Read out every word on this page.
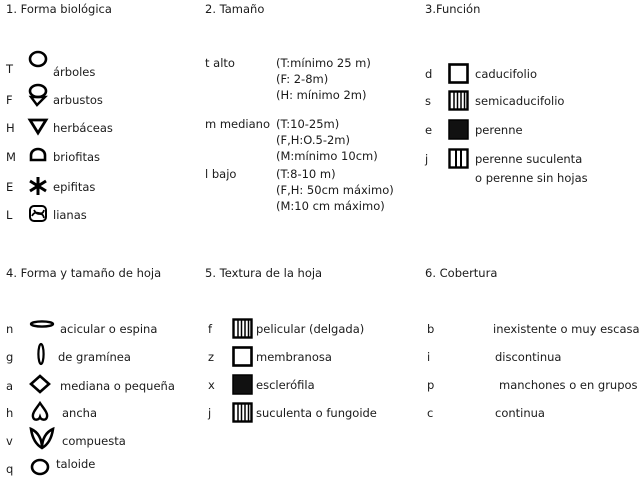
1. Forma biológica
T	árboles
F	arbustos
H	herbáceas
M	briofitas
E	epifitas
L	lianas
2. Tamaño
t alto	(T:mínimo 25 m)
(F: 2-8m)
(H: mínimo 2m)
m mediano (T:10-25m)
(F,H:O.5-2m)
(M:mínimo 10cm)
l bajo	(T:8-10 m)
(F,H: 50cm máximo)
(M:10 cm máximo)
3.Función
d	caducifolio
s	semicaducifolio
e	perenne
j	perenne suculenta
o perenne sin hojas
4. Forma y tamaño de hoja
n	acicular o espina
g	de gramínea
a	mediana o pequeña
h	ancha
v	compuesta
q	taloide
5. Textura de la hoja
f	pelicular (delgada)
z	membranosa
x	esclerófila
j	suculenta o fungoide
6. Cobertura
b	inexistente o muy escasa
i	discontinua
p	manchones o en grupos
c	continua
